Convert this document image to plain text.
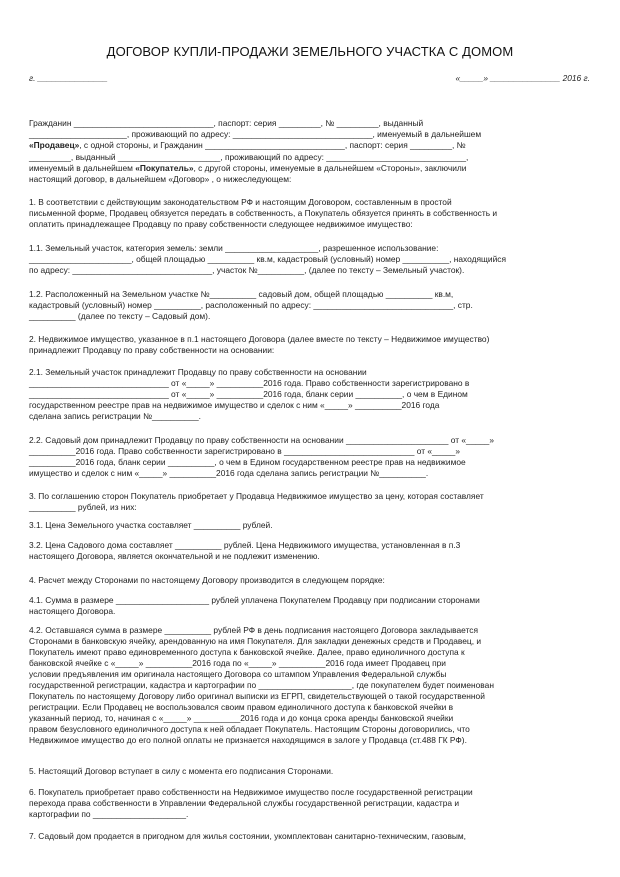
ДОГОВОР КУПЛИ-ПРОДАЖИ ЗЕМЕЛЬНОГО УЧАСТКА С ДОМОМ
г. _______________	«_____» _______________ 2016 г.
Гражданин ______________________________, паспорт: серия _________, № _________, выданный
_____________________, проживающий по адресу: ______________________________, именуемый в дальнейшем
«Продавец», с одной стороны, и Гражданин ______________________________, паспорт: серия _________, №
_________, выданный ______________________, проживающий по адресу: ______________________________,
именуемый в дальнейшем «Покупатель», с другой стороны, именуемые в дальнейшем «Стороны», заключили
настоящий договор, в дальнейшем «Договор» , о нижеследующем:
1. В соответствии с действующим законодательством РФ и настоящим Договором, составленным в простой
письменной форме, Продавец обязуется передать в собственность, а Покупатель обязуется принять в собственность и
оплатить принадлежащее Продавцу по праву собственности следующее недвижимое имущество:
1.1. Земельный участок, категория земель: земли ____________________, разрешенное использование:
______________________, общей площадью __________ кв.м, кадастровый (условный) номер __________, находящийся
по адресу: ______________________________, участок №__________, (далее по тексту – Земельный участок).
1.2. Расположенный на Земельном участке №__________ садовый дом, общей площадью __________ кв.м,
кадастровый (условный) номер __________, расположенный по адресу: ______________________________, стр.
__________ (далее по тексту – Садовый дом).
2. Недвижимое имущество, указанное в п.1 настоящего Договора (далее вместе по тексту – Недвижимое имущество)
принадлежит Продавцу по праву собственности на основании:
2.1. Земельный участок принадлежит Продавцу по праву собственности на основании
______________________________ от «_____» __________2016 года. Право собственности зарегистрировано в
______________________________ от «_____» __________2016 года, бланк серии __________, о чем в Едином
государственном реестре прав на недвижимое имущество и сделок с ним «_____» __________2016 года
сделана запись регистрации №__________.
2.2. Садовый дом принадлежит Продавцу по праву собственности на основании ______________________ от «_____»
__________2016 года. Право собственности зарегистрировано в ____________________________ от «_____»
__________2016 года, бланк серии __________, о чем в Едином государственном реестре прав на недвижимое
имущество и сделок с ним «_____» __________2016 года сделана запись регистрации №__________.
3. По соглашению сторон Покупатель приобретает у Продавца Недвижимое имущество за цену, которая составляет
__________ рублей, из них:
3.1. Цена Земельного участка составляет __________ рублей.
3.2. Цена Садового дома составляет __________ рублей. Цена Недвижимого имущества, установленная в п.3
настоящего Договора, является окончательной и не подлежит изменению.
4. Расчет между Сторонами по настоящему Договору производится в следующем порядке:
4.1. Сумма в размере ____________________ рублей уплачена Покупателем Продавцу при подписании сторонами
настоящего Договора.
4.2. Оставшаяся сумма в размере __________ рублей РФ в день подписания настоящего Договора закладывается
Сторонами в банковскую ячейку, арендованную на имя Покупателя. Для закладки денежных средств и Продавец, и
Покупатель имеют право единовременного доступа к банковской ячейке. Далее, право единоличного доступа к
банковской ячейке с «_____» __________2016 года по «_____» __________2016 года имеет Продавец при
условии предъявления им оригинала настоящего Договора со штампом Управления Федеральной службы
государственной регистрации, кадастра и картографии по ____________________, где покупателем будет поименован
Покупатель по настоящему Договору либо оригинал выписки из ЕГРП, свидетельствующей о такой государственной
регистрации. Если Продавец не воспользовался своим правом единоличного доступа к банковской ячейки в
указанный период, то, начиная с «_____» __________2016 года и до конца срока аренды банковской ячейки
правом безусловного единоличного доступа к ней обладает Покупатель. Настоящим Стороны договорились, что
Недвижимое имущество до его полной оплаты не признается находящимся в залоге у Продавца (ст.488 ГК РФ).
5. Настоящий Договор вступает в силу с момента его подписания Сторонами.
6. Покупатель приобретает право собственности на Недвижимое имущество после государственной регистрации
перехода права собственности в Управлении Федеральной службы государственной регистрации, кадастра и
картографии по ____________________.
7. Садовый дом продается в пригодном для жилья состоянии, укомплектован санитарно-техническим, газовым,
